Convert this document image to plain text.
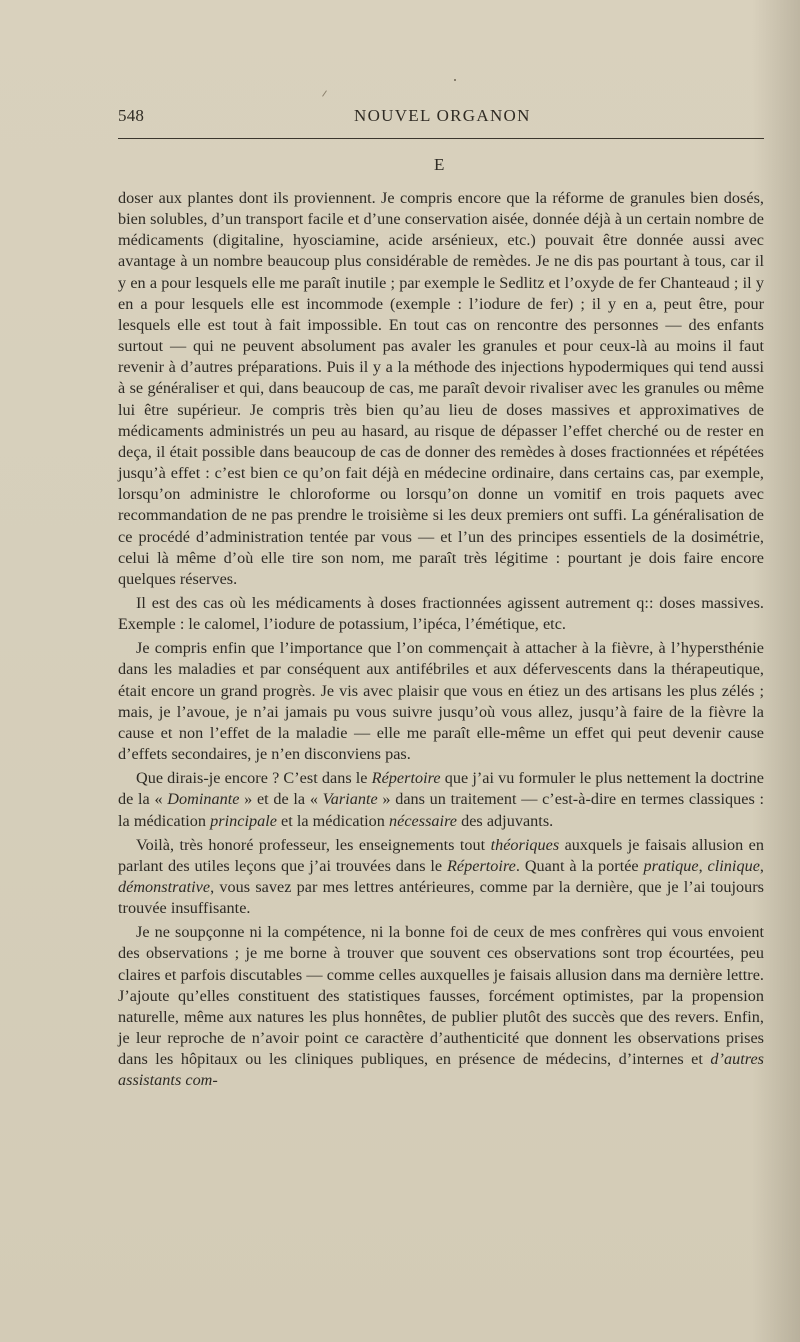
548	NOUVEL ORGANON
E

doser aux plantes dont ils proviennent. Je compris encore que la réforme de granules bien dosés, bien solubles, d’un transport facile et d’une conservation aisée, donnée déjà à un certain nombre de médicaments (digitaline, hyosciamine, acide arsénieux, etc.) pouvait être donnée aussi avec avantage à un nombre beaucoup plus considérable de remèdes. Je ne dis pas pourtant à tous, car il y en a pour lesquels elle me paraît inutile ; par exemple le Sedlitz et l’oxyde de fer Chanteaud ; il y en a pour lesquels elle est incommode (exemple : l’iodure de fer) ; il y en a, peut être, pour lesquels elle est tout à fait impossible. En tout cas on rencontre des personnes — des enfants surtout — qui ne peuvent absolument pas avaler les granules et pour ceux-là au moins il faut revenir à d’autres préparations. Puis il y a la méthode des injections hypodermiques qui tend aussi à se généraliser et qui, dans beaucoup de cas, me paraît devoir rivaliser avec les granules ou même lui être supérieur. Je compris très bien qu’au lieu de doses massives et approximatives de médicaments administrés un peu au hasard, au risque de dépasser l’effet cherché ou de rester en deça, il était possible dans beaucoup de cas de donner des remèdes à doses fractionnées et répétées jusqu’à effet : c’est bien ce qu’on fait déjà en médecine ordinaire, dans certains cas, par exemple, lorsqu’on administre le chloroforme ou lorsqu’on donne un vomitif en trois paquets avec recommandation de ne pas prendre le troisième si les deux premiers ont suffi. La généralisation de ce procédé d’administration tentée par vous — et l’un des principes essentiels de la dosimétrie, celui là même d’où elle tire son nom, me paraît très légitime : pourtant je dois faire encore quelques réserves.

Il est des cas où les médicaments à doses fractionnées agissent autrement q:: doses massives. Exemple : le calomel, l’iodure de potassium, l’ipéca, l’émétique, etc.

Je compris enfin que l’importance que l’on commençait à attacher à la fièvre, à l’hypersthénie dans les maladies et par conséquent aux antifébriles et aux défervescents dans la thérapeutique, était encore un grand progrès. Je vis avec plaisir que vous en étiez un des artisans les plus zélés ; mais, je l’avoue, je n’ai jamais pu vous suivre jusqu’où vous allez, jusqu’à faire de la fièvre la cause et non l’effet de la maladie — elle me paraît elle-même un effet qui peut devenir cause d’effets secondaires, je n’en disconviens pas.

Que dirais-je encore ? C’est dans le Répertoire que j’ai vu formuler le plus nettement la doctrine de la « Dominante » et de la « Variante » dans un traitement — c’est-à-dire en termes classiques : la médication principale et la médication nécessaire des adjuvants.

Voilà, très honoré professeur, les enseignements tout théoriques auxquels je faisais allusion en parlant des utiles leçons que j’ai trouvées dans le Répertoire. Quant à la portée pratique, clinique, démonstrative, vous savez par mes lettres antérieures, comme par la dernière, que je l’ai toujours trouvée insuffisante.

Je ne soupçonne ni la compétence, ni la bonne foi de ceux de mes confrères qui vous envoient des observations ; je me borne à trouver que souvent ces observations sont trop écourtées, peu claires et parfois discutables — comme celles auxquelles je faisais allusion dans ma dernière lettre. J’ajoute qu’elles constituent des statistiques fausses, forcément optimistes, par la propension naturelle, même aux natures les plus honnêtes, de publier plutôt des succès que des revers. Enfin, je leur reproche de n’avoir point ce caractère d’authenticité que donnent les observations prises dans les hôpitaux ou les cliniques publiques, en présence de médecins, d’internes et d’autres assistants com-
